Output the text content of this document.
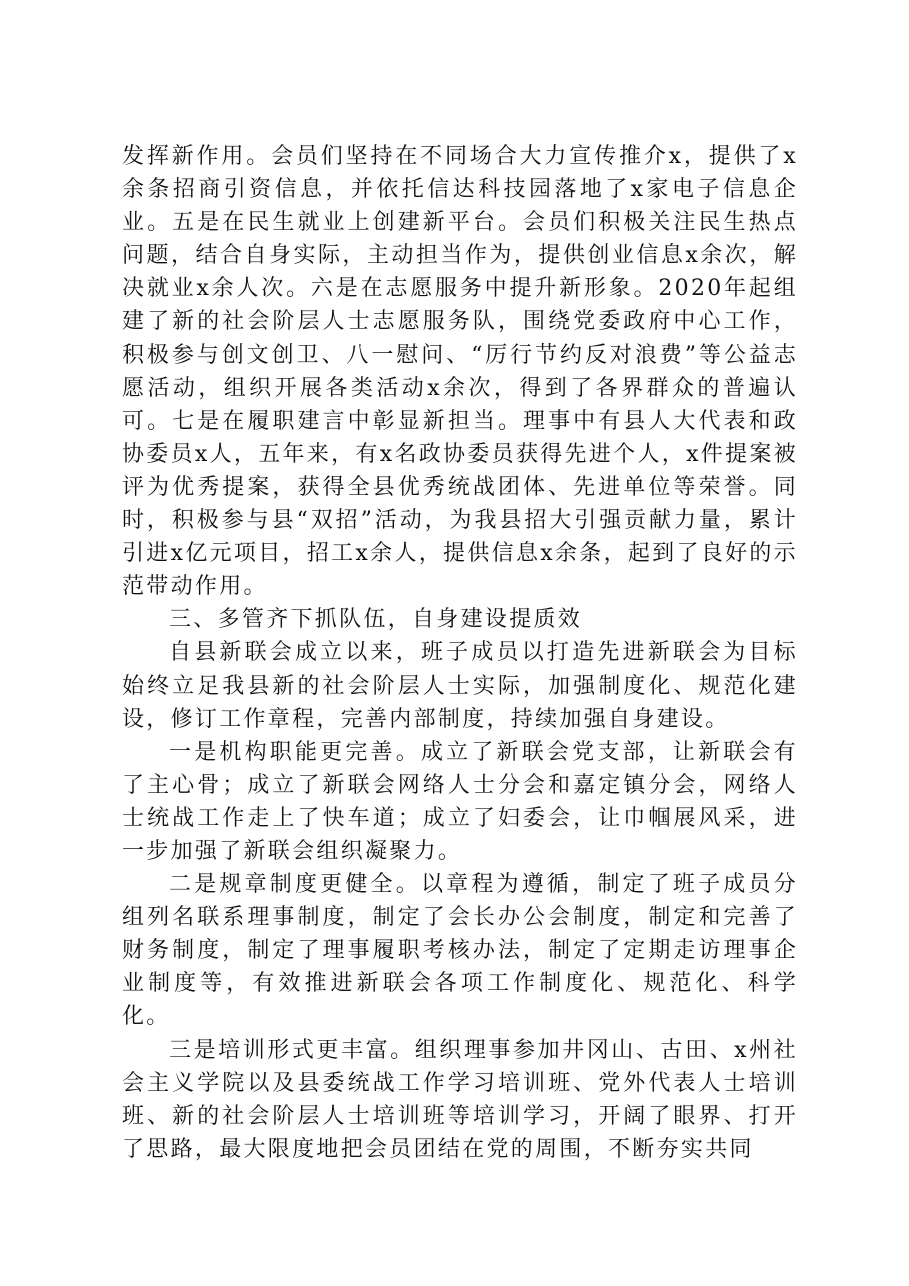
发挥新作用。会员们坚持在不同场合大力宣传推介x，提供了x余条招商引资信息，并依托信达科技园落地了x家电子信息企业。五是在民生就业上创建新平台。会员们积极关注民生热点问题，结合自身实际，主动担当作为，提供创业信息x余次，解决就业x余人次。六是在志愿服务中提升新形象。2020年起组建了新的社会阶层人士志愿服务队，围绕党委政府中心工作，积极参与创文创卫、八一慰问、“厉行节约反对浪费”等公益志愿活动，组织开展各类活动x余次，得到了各界群众的普遍认可。七是在履职建言中彰显新担当。理事中有县人大代表和政协委员x人，五年来，有x名政协委员获得先进个人，x件提案被评为优秀提案，获得全县优秀统战团体、先进单位等荣誉。同时，积极参与县“双招”活动，为我县招大引强贡献力量，累计引进x亿元项目，招工x余人，提供信息x余条，起到了良好的示范带动作用。

三、多管齐下抓队伍，自身建设提质效

自县新联会成立以来，班子成员以打造先进新联会为目标始终立足我县新的社会阶层人士实际，加强制度化、规范化建设，修订工作章程，完善内部制度，持续加强自身建设。

一是机构职能更完善。成立了新联会党支部，让新联会有了主心骨；成立了新联会网络人士分会和嘉定镇分会，网络人士统战工作走上了快车道；成立了妇委会，让巾帼展风采，进一步加强了新联会组织凝聚力。

二是规章制度更健全。以章程为遵循，制定了班子成员分组列名联系理事制度，制定了会长办公会制度，制定和完善了财务制度，制定了理事履职考核办法，制定了定期走访理事企业制度等，有效推进新联会各项工作制度化、规范化、科学化。

三是培训形式更丰富。组织理事参加井冈山、古田、x州社会主义学院以及县委统战工作学习培训班、党外代表人士培训班、新的社会阶层人士培训班等培训学习，开阔了眼界、打开了思路，最大限度地把会员团结在党的周围，不断夯实共同
